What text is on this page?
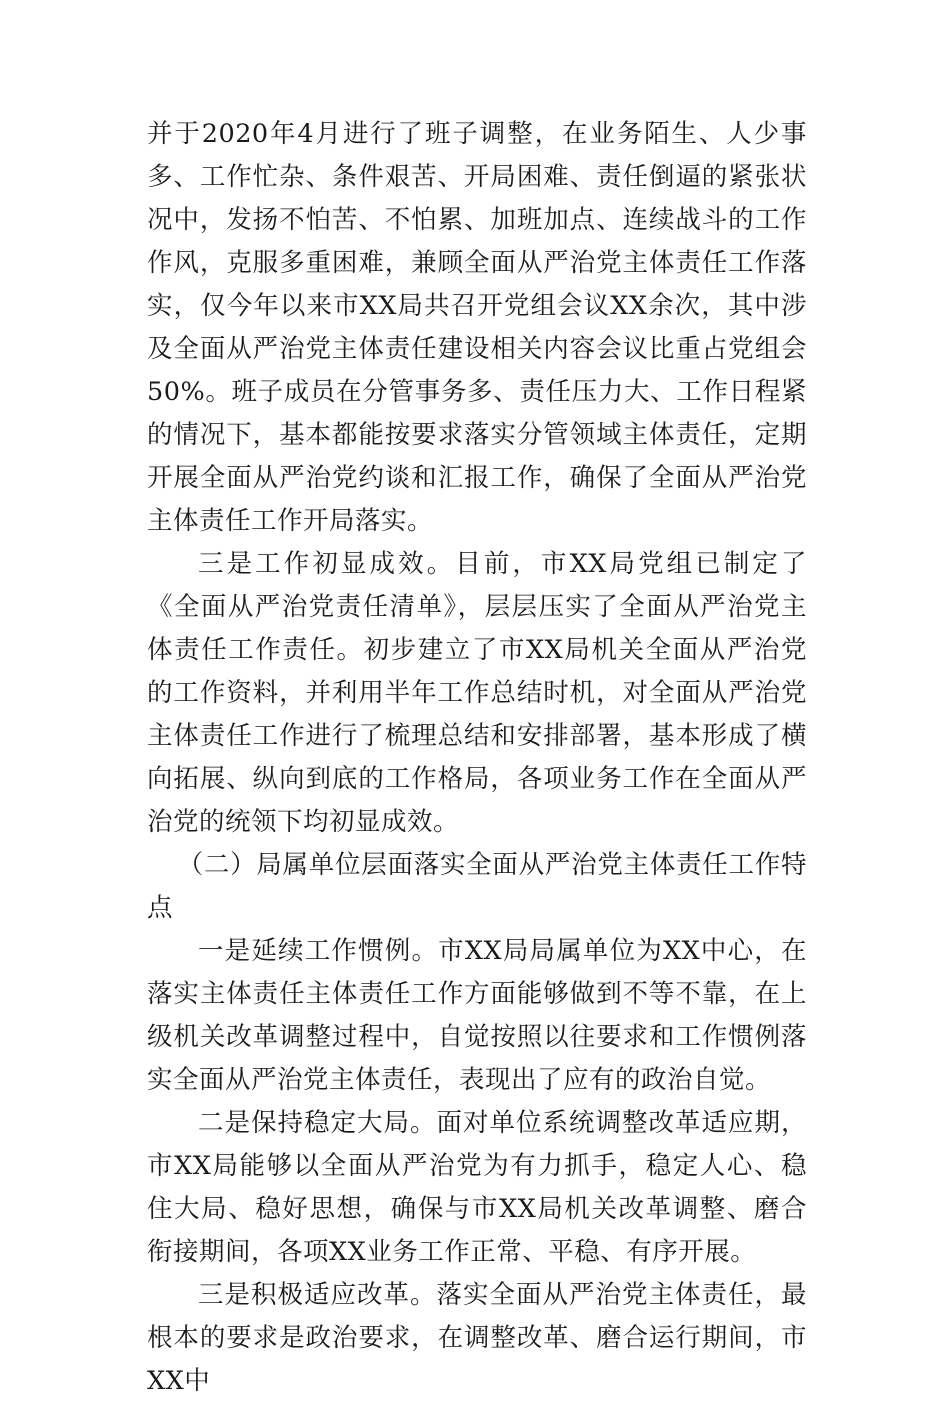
并于2020年4月进行了班子调整，在业务陌生、人少事多、工作忙杂、条件艰苦、开局困难、责任倒逼的紧张状况中，发扬不怕苦、不怕累、加班加点、连续战斗的工作作风，克服多重困难，兼顾全面从严治党主体责任工作落实，仅今年以来市XX局共召开党组会议XX余次，其中涉及全面从严治党主体责任建设相关内容会议比重占党组会50%。班子成员在分管事务多、责任压力大、工作日程紧的情况下，基本都能按要求落实分管领域主体责任，定期开展全面从严治党约谈和汇报工作，确保了全面从严治党主体责任工作开局落实。

三是工作初显成效。目前，市XX局党组已制定了《全面从严治党责任清单》，层层压实了全面从严治党主体责任工作责任。初步建立了市XX局机关全面从严治党的工作资料，并利用半年工作总结时机，对全面从严治党主体责任工作进行了梳理总结和安排部署，基本形成了横向拓展、纵向到底的工作格局，各项业务工作在全面从严治党的统领下均初显成效。

（二）局属单位层面落实全面从严治党主体责任工作特点

一是延续工作惯例。市XX局局属单位为XX中心，在落实主体责任主体责任工作方面能够做到不等不靠，在上级机关改革调整过程中，自觉按照以往要求和工作惯例落实全面从严治党主体责任，表现出了应有的政治自觉。

二是保持稳定大局。面对单位系统调整改革适应期，市XX局能够以全面从严治党为有力抓手，稳定人心、稳住大局、稳好思想，确保与市XX局机关改革调整、磨合衔接期间，各项XX业务工作正常、平稳、有序开展。

三是积极适应改革。落实全面从严治党主体责任，最根本的要求是政治要求，在调整改革、磨合运行期间，市XX中
